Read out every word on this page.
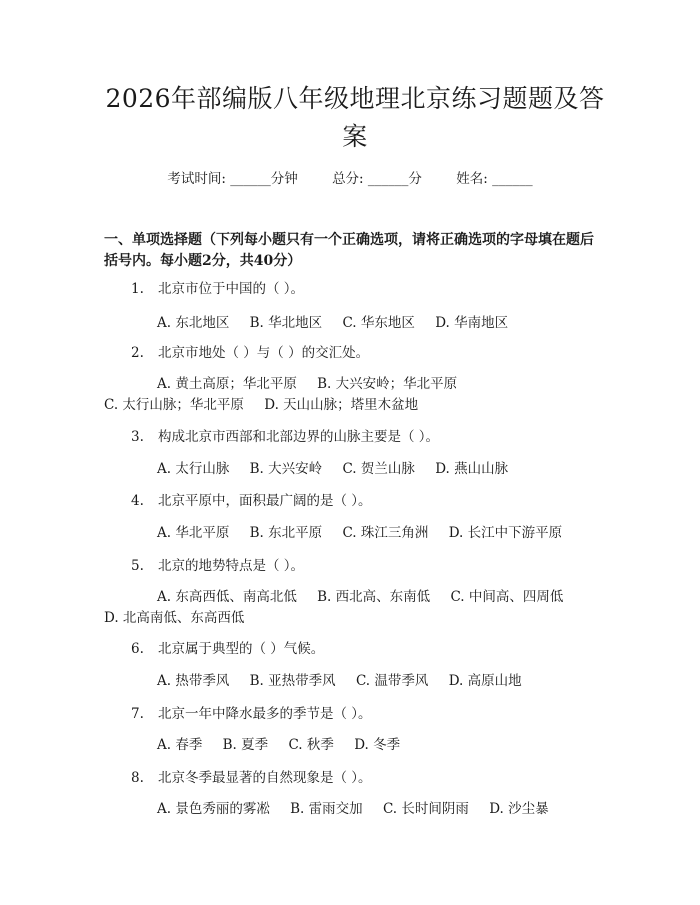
2026年部编版八年级地理北京练习题题及答案
考试时间: ______分钟	总分: ______分	姓名: ______
一、单项选择题（下列每小题只有一个正确选项，请将正确选项的字母填在题后括号内。每小题2分，共40分）
1. 北京市位于中国的（ ）。
A. 东北地区 B. 华北地区 C. 华东地区 D. 华南地区
2. 北京市地处（ ）与（ ）的交汇处。
A. 黄土高原；华北平原 B. 大兴安岭；华北平原 C. 太行山脉；华北平原 D. 天山山脉；塔里木盆地
3. 构成北京市西部和北部边界的山脉主要是（ ）。
A. 太行山脉 B. 大兴安岭 C. 贺兰山脉 D. 燕山山脉
4. 北京平原中，面积最广阔的是（ ）。
A. 华北平原 B. 东北平原 C. 珠江三角洲 D. 长江中下游平原
5. 北京的地势特点是（ ）。
A. 东高西低、南高北低 B. 西北高、东南低 C. 中间高、四周低 D. 北高南低、东高西低
6. 北京属于典型的（ ）气候。
A. 热带季风 B. 亚热带季风 C. 温带季风 D. 高原山地
7. 北京一年中降水最多的季节是（ ）。
A. 春季 B. 夏季 C. 秋季 D. 冬季
8. 北京冬季最显著的自然现象是（ ）。
A. 景色秀丽的雾凇 B. 雷雨交加 C. 长时间阴雨 D. 沙尘暴
